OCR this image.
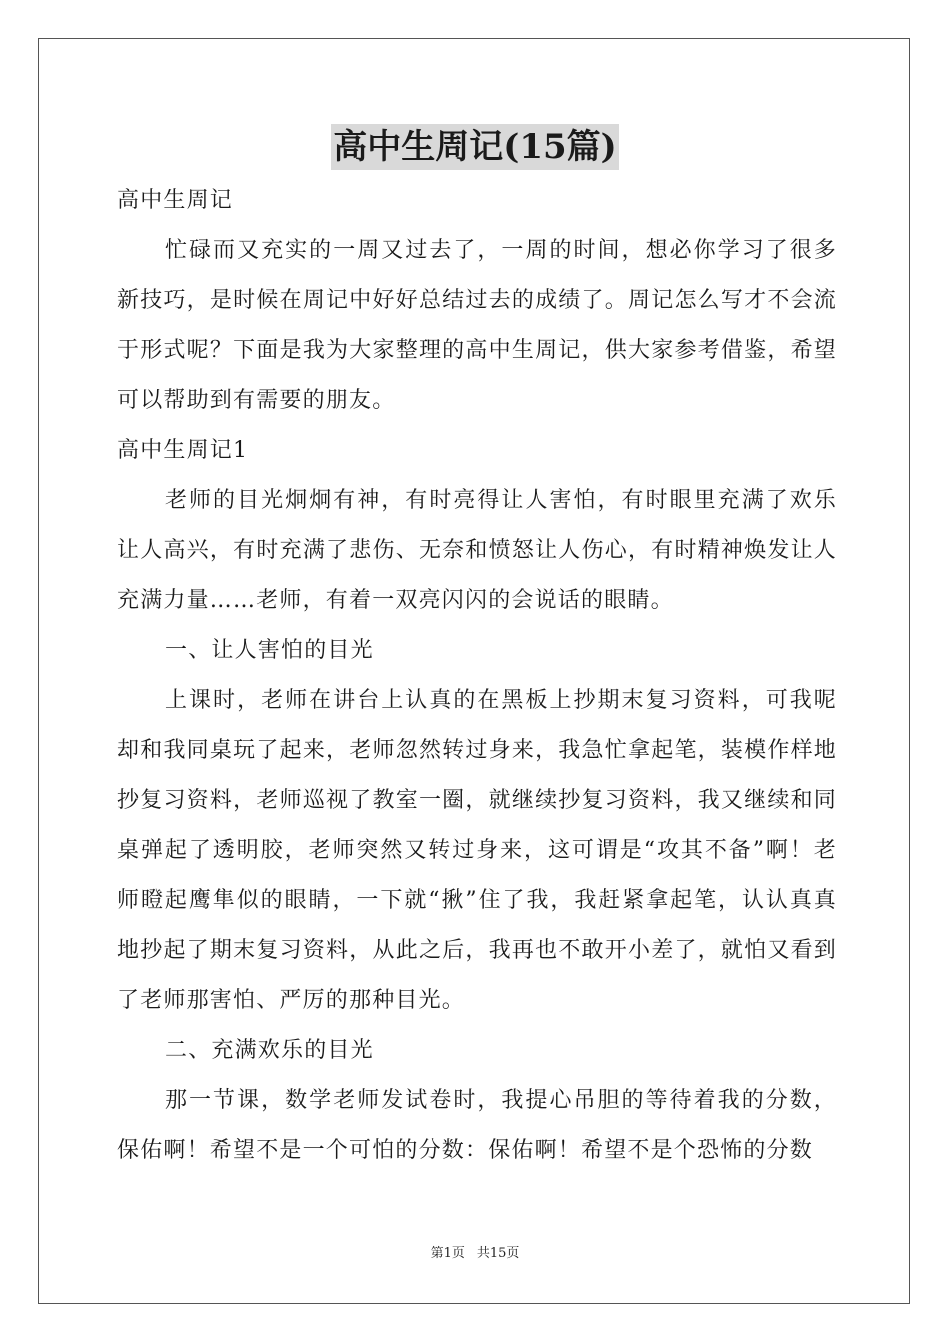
高中生周记(15篇)

高中生周记

忙碌而又充实的一周又过去了，一周的时间，想必你学习了很多新技巧，是时候在周记中好好总结过去的成绩了。周记怎么写才不会流于形式呢？下面是我为大家整理的高中生周记，供大家参考借鉴，希望可以帮助到有需要的朋友。

高中生周记1

老师的目光炯炯有神，有时亮得让人害怕，有时眼里充满了欢乐让人高兴，有时充满了悲伤、无奈和愤怒让人伤心，有时精神焕发让人充满力量……老师，有着一双亮闪闪的会说话的眼睛。

一、让人害怕的目光

上课时，老师在讲台上认真的在黑板上抄期末复习资料，可我呢却和我同桌玩了起来，老师忽然转过身来，我急忙拿起笔，装模作样地抄复习资料，老师巡视了教室一圈，就继续抄复习资料，我又继续和同桌弹起了透明胶，老师突然又转过身来，这可谓是“攻其不备”啊！老师瞪起鹰隼似的眼睛，一下就“揪”住了我，我赶紧拿起笔，认认真真地抄起了期末复习资料，从此之后，我再也不敢开小差了，就怕又看到了老师那害怕、严厉的那种目光。

二、充满欢乐的目光

那一节课，数学老师发试卷时，我提心吊胆的等待着我的分数，保佑啊！希望不是一个可怕的分数：保佑啊！希望不是个恐怖的分数

第1页 共15页
